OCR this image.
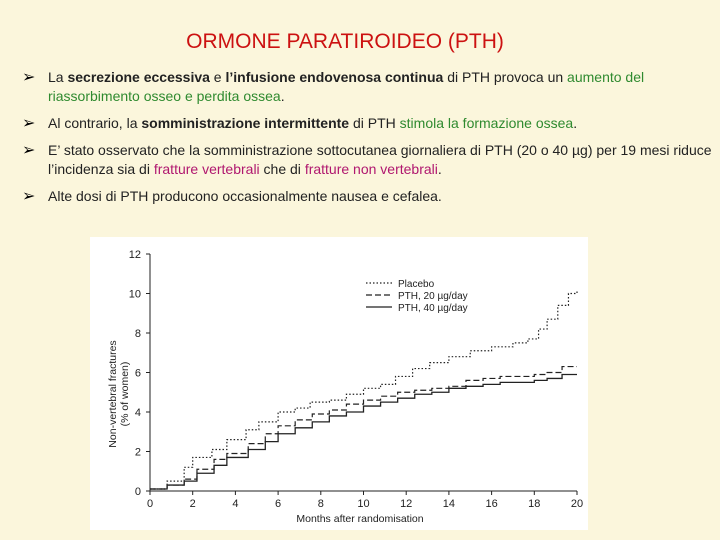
ORMONE PARATIROIDEO (PTH)
➢ La secrezione eccessiva e l’infusione endovenosa continua di PTH provoca un aumento del riassorbimento osseo e perdita ossea.
➢ Al contrario, la somministrazione intermittente di PTH stimola la formazione ossea.
➢ E’ stato osservato che la somministrazione sottocutanea giornaliera di PTH (20 o 40 µg) per 19 mesi riduce l’incidenza sia di fratture vertebrali che di fratture non vertebrali.
➢ Alte dosi di PTH producono occasionalmente nausea e cefalea.
0	2	4	6	8	10	12	14	16	18	20
0
2
4
6
8
10
12
Placebo
PTH, 20 µg/day
PTH, 40 µg/day
Months after randomisation
Non-vertebral fractures(% of women)
